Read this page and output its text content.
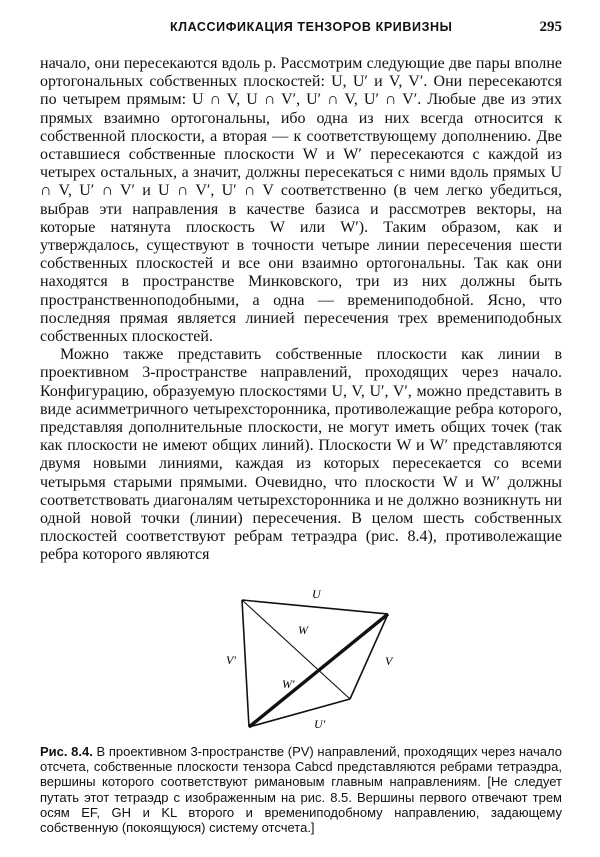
КЛАССИФИКАЦИЯ ТЕНЗОРОВ КРИВИЗНЫ	295

начало, они пересекаются вдоль p. Рассмотрим следующие две пары вполне ортогональных собственных плоскостей: U, U′ и V, V′. Они пересекаются по четырем прямым: U ∩ V, U ∩ V′, U′ ∩ V, U′ ∩ V′. Любые две из этих прямых взаимно ортогональны, ибо одна из них всегда относится к собственной плоскости, а вторая — к соответствующему дополнению. Две оставшиеся собственные плоскости W и W′ пересекаются с каждой из четырех остальных, а значит, должны пересекаться с ними вдоль прямых U ∩ V, U′ ∩ V′ и U ∩ V′, U′ ∩ V соответственно (в чем легко убедиться, выбрав эти направления в качестве базиса и рассмотрев векторы, на которые натянута плоскость W или W′). Таким образом, как и утверждалось, существуют в точности четыре линии пересечения шести собственных плоскостей и все они взаимно ортогональны. Так как они находятся в пространстве Минковского, три из них должны быть пространственноподобными, а одна — времениподобной. Ясно, что последняя прямая является линией пересечения трех времениподобных собственных плоскостей.

Можно также представить собственные плоскости как линии в проективном 3-пространстве направлений, проходящих через начало. Конфигурацию, образуемую плоскостями U, V, U′, V′, можно представить в виде асимметричного четырехсторонника, противолежащие ребра которого, представляя дополнительные плоскости, не могут иметь общих точек (так как плоскости не имеют общих линий). Плоскости W и W′ представляются двумя новыми линиями, каждая из которых пересекается со всеми четырьмя старыми прямыми. Очевидно, что плоскости W и W′ должны соответствовать диагоналям четырехсторонника и не должно возникнуть ни одной новой точки (линии) пересечения. В целом шесть собственных плоскостей соответствуют ребрам тетраэдра (рис. 8.4), противолежащие ребра которого являются

U
W
V′	V
W′
U′
Рис. 8.4. В проективном 3-пространстве (PV) направлений, проходящих через начало отсчета, собственные плоскости тензора Cabcd представляются ребрами тетраэдра, вершины которого соответствуют римановым главным направлениям. [Не следует путать этот тетраэдр с изображенным на рис. 8.5. Вершины первого отвечают трем осям EF, GH и KL второго и времениподобному направлению, задающему собственную (покоящуюся) систему отсчета.]
